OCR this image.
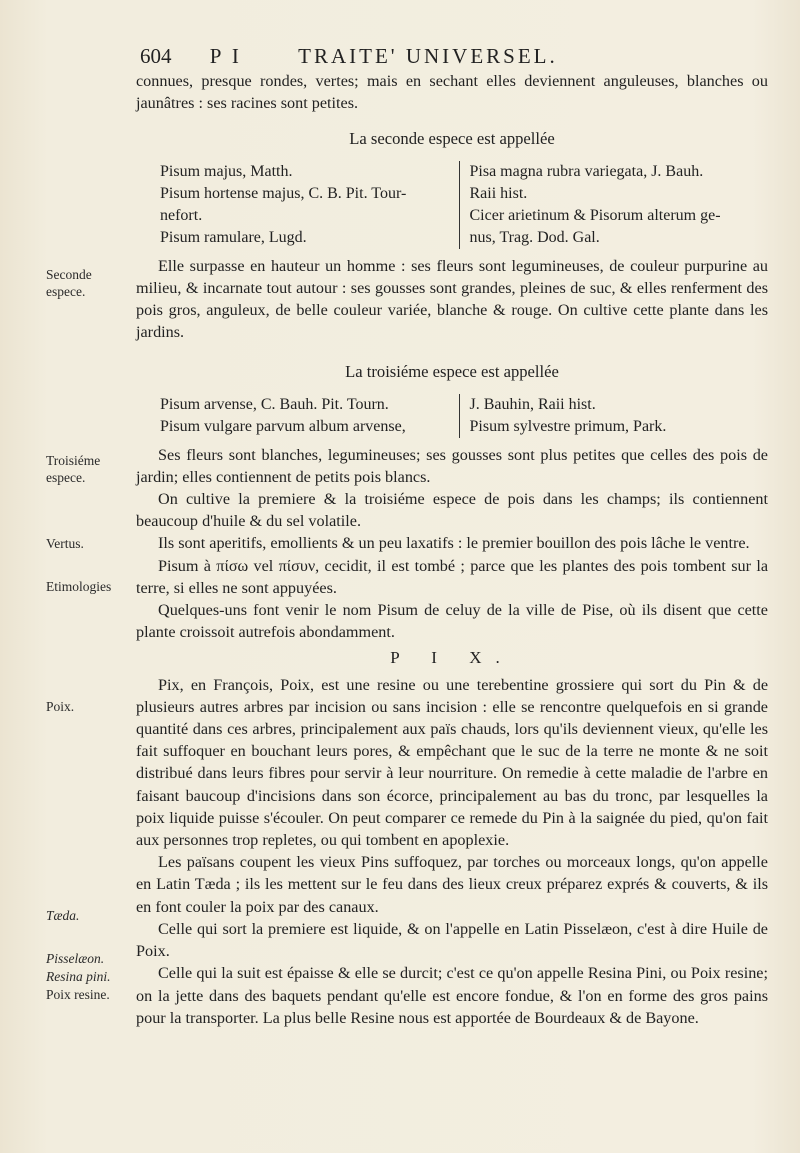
604 P I	TRAITE' UNIVERSEL.
Seconde espece.
Troisiéme espece.
Vertus.
Etimologies
Poix.
Tæda.
Pisselæon.
Resina pini.
Poix resine.

connues, presque rondes, vertes; mais en sechant elles deviennent anguleuses, blanches ou jaunâtres : ses racines sont petites.

La seconde espece est appellée
Pisum majus, Matth.
Pisum hortense majus, C. B. Pit. Tour-
nefort.
Pisum ramulare, Lugd.
Pisa magna rubra variegata, J. Bauh.
Raii hist.
Cicer arietinum & Pisorum alterum ge-
nus, Trag. Dod. Gal.

Elle surpasse en hauteur un homme : ses fleurs sont legumineuses, de couleur purpurine au milieu, & incarnate tout autour : ses gousses sont grandes, pleines de suc, & elles renferment des pois gros, anguleux, de belle couleur variée, blanche & rouge. On cultive cette plante dans les jardins.

La troisiéme espece est appellée
Pisum arvense, C. Bauh. Pit. Tourn.
Pisum vulgare parvum album arvense,
J. Bauhin, Raii hist.
Pisum sylvestre primum, Park.

Ses fleurs sont blanches, legumineuses; ses gousses sont plus petites que celles des pois de jardin; elles contiennent de petits pois blancs.

On cultive la premiere & la troisiéme espece de pois dans les champs; ils contiennent beaucoup d'huile & du sel volatile.

Ils sont aperitifs, emollients & un peu laxatifs : le premier bouillon des pois lâche le ventre.

Pisum à πίσω vel πίσυν, cecidit, il est tombé ; parce que les plantes des pois tombent sur la terre, si elles ne sont appuyées.

Quelques-uns font venir le nom Pisum de celuy de la ville de Pise, où ils disent que cette plante croissoit autrefois abondamment.

P I X.

Pix, en François, Poix, est une resine ou une terebentine grossiere qui sort du Pin & de plusieurs autres arbres par incision ou sans incision : elle se rencontre quelquefois en si grande quantité dans ces arbres, principalement aux païs chauds, lors qu'ils deviennent vieux, qu'elle les fait suffoquer en bouchant leurs pores, & empêchant que le suc de la terre ne monte & ne soit distribué dans leurs fibres pour servir à leur nourriture. On remedie à cette maladie de l'arbre en faisant baucoup d'incisions dans son écorce, principalement au bas du tronc, par lesquelles la poix liquide puisse s'écouler. On peut comparer ce remede du Pin à la saignée du pied, qu'on fait aux personnes trop repletes, ou qui tombent en apoplexie.

Les païsans coupent les vieux Pins suffoquez, par torches ou morceaux longs, qu'on appelle en Latin Tæda ; ils les mettent sur le feu dans des lieux creux préparez exprés & couverts, & ils en font couler la poix par des canaux.

Celle qui sort la premiere est liquide, & on l'appelle en Latin Pisselæon, c'est à dire Huile de Poix.

Celle qui la suit est épaisse & elle se durcit; c'est ce qu'on appelle Resina Pini, ou Poix resine; on la jette dans des baquets pendant qu'elle est encore fondue, & l'on en forme des gros pains pour la transporter. La plus belle Resine nous est apportée de Bourdeaux & de Bayone.
